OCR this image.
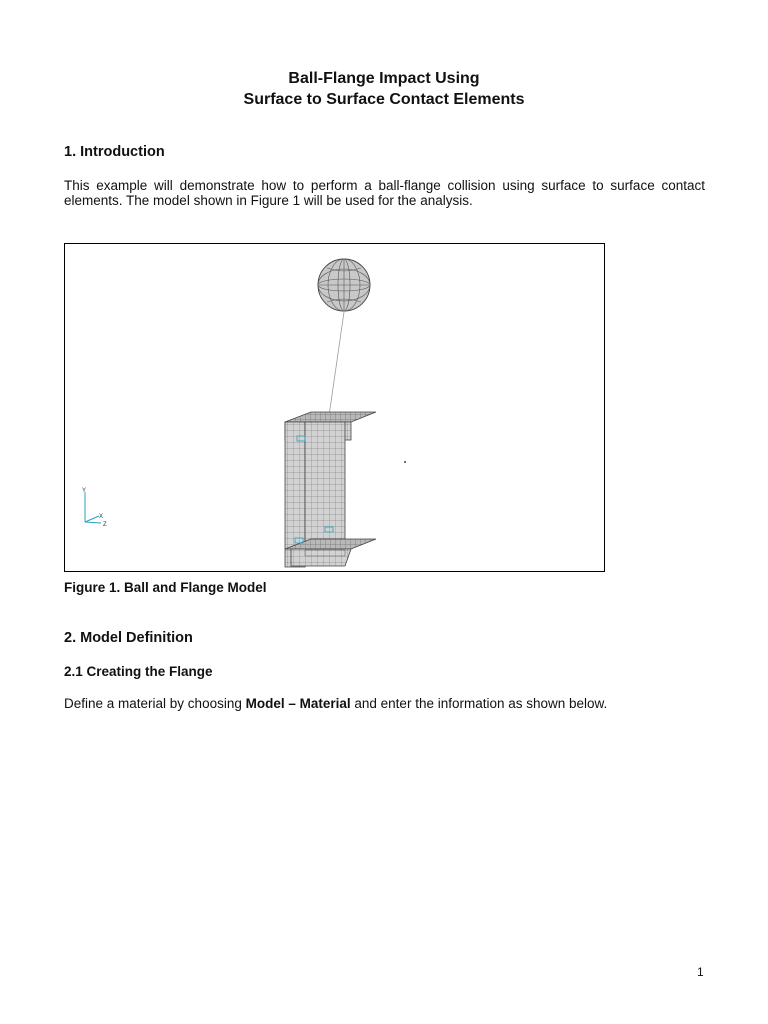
Ball-Flange Impact Using
Surface to Surface Contact Elements
1. Introduction
This example will demonstrate how to perform a ball-flange collision using surface to surface contact
elements. The model shown in Figure 1 will be used for the analysis.
Y
X
Z
Figure 1. Ball and Flange Model
2. Model Definition
2.1 Creating the Flange
Define a material by choosing Model – Material and enter the information as shown below.
1
